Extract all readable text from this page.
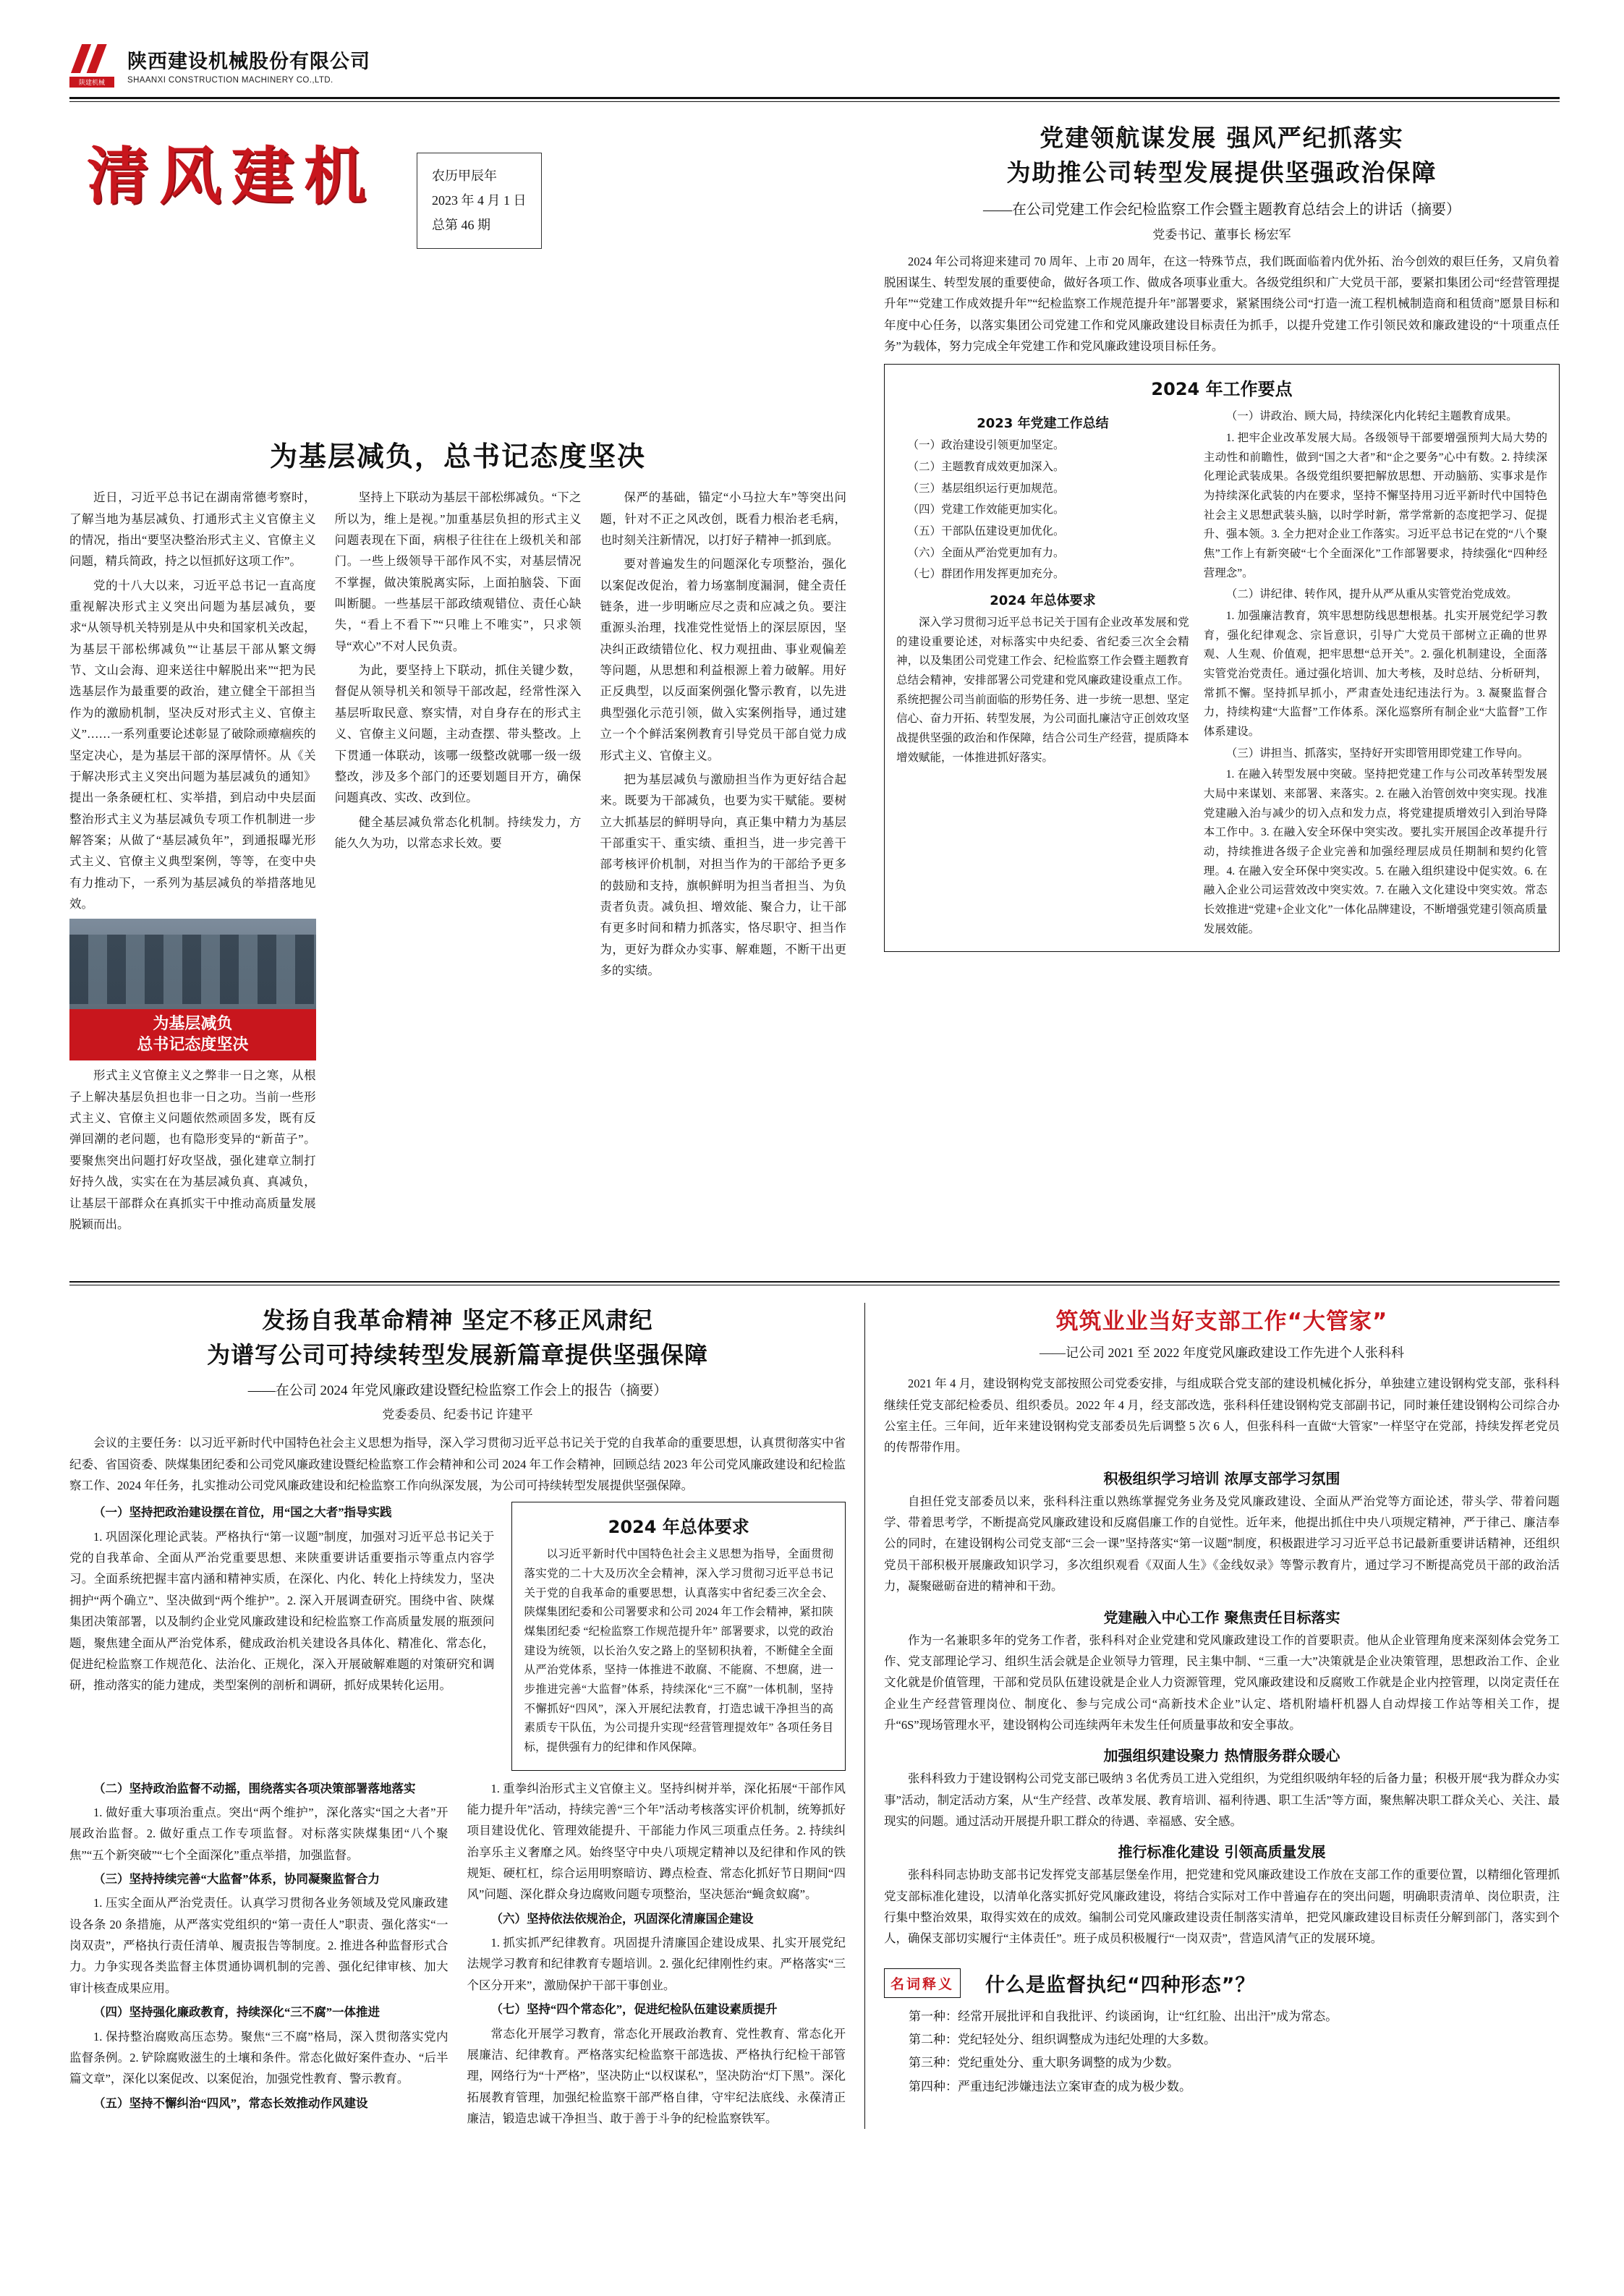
陕建机械
陕西建设机械股份有限公司
SHAANXI CONSTRUCTION MACHINERY CO.,LTD.
清风建机	农历甲辰年
2023 年 4 月 1 日
总第 46 期
党建领航谋发展 强风严纪抓落实
为助推公司转型发展提供坚强政治保障
——在公司党建工作会纪检监察工作会暨主题教育总结会上的讲话（摘要）
党委书记、董事长 杨宏军

2024 年公司将迎来建司 70 周年、上市 20 周年，在这一特殊节点，我们既面临着内优外拓、治今创效的艰巨任务，又肩负着脱困谋生、转型发展的重要使命，做好各项工作、做成各项事业重大。各级党组织和广大党员干部，要紧扣集团公司“经营管理提升年”“党建工作成效提升年”“纪检监察工作规范提升年”部署要求，紧紧围绕公司“打造一流工程机械制造商和租赁商”愿景目标和年度中心任务，以落实集团公司党建工作和党风廉政建设目标责任为抓手，以提升党建工作引领民效和廉政建设的“十项重点任务”为载体，努力完成全年党建工作和党风廉政建设项目标任务。

2024 年工作要点
2023 年党建工作总结

（一）政治建设引领更加坚定。

（二）主题教育成效更加深入。

（三）基层组织运行更加规范。

（四）党建工作效能更加实化。

（五）干部队伍建设更加优化。

（六）全面从严治党更加有力。

（七）群团作用发挥更加充分。

2024 年总体要求

深入学习贯彻习近平总书记关于国有企业改革发展和党的建设重要论述，对标落实中央纪委、省纪委三次全会精神，以及集团公司党建工作会、纪检监察工作会暨主题教育总结会精神，安排部署公司党建和党风廉政建设重点工作。系统把握公司当前面临的形势任务、进一步统一思想、坚定信心、奋力开拓、转型发展，为公司面扎廉洁守正创效攻坚战提供坚强的政治和作保障，结合公司生产经营，提质降本增效赋能，一体推进抓好落实。

（一）讲政治、顾大局，持续深化内化转纪主题教育成果。

1. 把牢企业改革发展大局。各级领导干部要增强预判大局大势的主动性和前瞻性，做到“国之大者”和“企之要务”心中有数。2. 持续深化理论武装成果。各级党组织要把解放思想、开动脑筋、实事求是作为持续深化武装的内在要求，坚持不懈坚持用习近平新时代中国特色社会主义思想武装头脑，以时学时新，常学常新的态度把学习、促提升、强本领。3. 全力把对企业工作落实。习近平总书记在党的“八个聚焦”工作上有新突破“七个全面深化”工作部署要求，持续强化“四种经营理念”。

（二）讲纪律、转作风，提升从严从重从实管党治党成效。

1. 加强廉洁教育，筑牢思想防线思想根基。扎实开展党纪学习教育，强化纪律观念、宗旨意识，引导广大党员干部树立正确的世界观、人生观、价值观，把牢思想“总开关”。2. 强化机制建设，全面落实管党治党责任。通过强化培训、加大考核，及时总结、分析研判，常抓不懈。坚持抓早抓小，严肃查处违纪违法行为。3. 凝聚监督合力，持续构建“大监督”工作体系。深化巡察所有制企业“大监督”工作体系建设。

（三）讲担当、抓落实，坚持好开实即管用即党建工作导向。

1. 在融入转型发展中突破。坚持把党建工作与公司改革转型发展大局中来谋划、来部署、来落实。2. 在融入治管创效中突实现。找准党建融入治与减少的切入点和发力点，将党建提质增效引入到治导降本工作中。3. 在融入安全环保中突实改。要扎实开展国企改革提升行动，持续推进各级子企业完善和加强经理层成员任期制和契约化管理。4. 在融入安全环保中突实改。5. 在融入组织建设中促实效。6. 在融入企业公司运营效改中突实效。7. 在融入文化建设中突实效。常态长效推进“党建+企业文化”一体化品牌建设，不断增强党建引领高质量发展效能。

为基层减负，总书记态度坚决

近日，习近平总书记在湖南常德考察时，了解当地为基层减负、打通形式主义官僚主义的情况，指出“要坚决整治形式主义、官僚主义问题，精兵简政，持之以恒抓好这项工作”。

党的十八大以来，习近平总书记一直高度重视解决形式主义突出问题为基层减负，要求“从领导机关特别是从中央和国家机关改起，为基层干部松绑减负”“让基层干部从繁文缛节、文山会海、迎来送往中解脱出来”“把为民选基层作为最重要的政治，建立健全干部担当作为的激励机制，坚决反对形式主义、官僚主义”……一系列重要论述彰显了破除顽瘴痼疾的坚定决心，是为基层干部的深厚情怀。从《关于解决形式主义突出问题为基层减负的通知》提出一条条硬杠杠、实举措，到启动中央层面整治形式主义为基层减负专项工作机制进一步解答案；从做了“基层减负年”，到通报曝光形式主义、官僚主义典型案例，等等，在变中央有力推动下，一系列为基层减负的举措落地见效。

为基层减负
总书记态度坚决

形式主义官僚主义之弊非一日之寒，从根子上解决基层负担也非一日之功。当前一些形式主义、官僚主义问题依然顽固多发，既有反弹回潮的老问题，也有隐形变异的“新苗子”。要聚焦突出问题打好攻坚战，强化建章立制打好持久战，实实在在为基层减负真、真减负，让基层干部群众在真抓实干中推动高质量发展脱颖而出。

坚持上下联动为基层干部松绑减负。“下之所以为，维上是视。”加重基层负担的形式主义问题表现在下面，病根子往往在上级机关和部门。一些上级领导干部作风不实，对基层情况不掌握，做决策脱离实际，上面拍脑袋、下面叫断腿。一些基层干部政绩观错位、责任心缺失，“看上不看下”“只唯上不唯实”，只求领导“欢心”不对人民负责。

为此，要坚持上下联动，抓住关键少数，督促从领导机关和领导干部改起，经常性深入基层听取民意、察实情，对自身存在的形式主义、官僚主义问题，主动查摆、带头整改。上下贯通一体联动，该哪一级整改就哪一级一级整改，涉及多个部门的还要划题目开方，确保问题真改、实改、改到位。

健全基层减负常态化机制。持续发力，方能久久为功，以常态求长效。要

保严的基础，锚定“小马拉大车”等突出问题，针对不正之风改创，既看力根治老毛病，也时刻关注新情况，以打好子精神一抓到底。

要对普遍发生的问题深化专项整治，强化以案促改促治，着力场塞制度漏洞，健全责任链条，进一步明晰应尽之责和应减之负。要注重源头治理，找准党性觉悟上的深层原因，坚决纠正政绩错位化、权力观扭曲、事业观偏差等问题，从思想和利益根源上着力破解。用好正反典型，以反面案例强化警示教育，以先进典型强化示范引领，做入实案例指导，通过建立一个个鲜活案例教育引导党员干部自觉力成形式主义、官僚主义。

把为基层减负与激励担当作为更好结合起来。既要为干部减负，也要为实干赋能。要树立大抓基层的鲜明导向，真正集中精力为基层干部重实干、重实绩、重担当，进一步完善干部考核评价机制，对担当作为的干部给予更多的鼓励和支持，旗帜鲜明为担当者担当、为负责者负责。减负担、增效能、聚合力，让干部有更多时间和精力抓落实，恪尽职守、担当作为，更好为群众办实事、解难题，不断干出更多的实绩。

发扬自我革命精神 坚定不移正风肃纪
为谱写公司可持续转型发展新篇章提供坚强保障
——在公司 2024 年党风廉政建设暨纪检监察工作会上的报告（摘要）
党委委员、纪委书记 许建平

会议的主要任务：以习近平新时代中国特色社会主义思想为指导，深入学习贯彻习近平总书记关于党的自我革命的重要思想，认真贯彻落实中省纪委、省国资委、陕煤集团纪委和公司党风廉政建设暨纪检监察工作会精神和公司 2024 年工作会精神，回顾总结 2023 年公司党风廉政建设和纪检监察工作、2024 年任务，扎实推动公司党风廉政建设和纪检监察工作向纵深发展，为公司可持续转型发展提供坚强保障。

（一）坚持把政治建设摆在首位，用“国之大者”指导实践

1. 巩固深化理论武装。严格执行“第一议题”制度，加强对习近平总书记关于党的自我革命、全面从严治党重要思想、来陕重要讲话重要指示等重点内容学习。全面系统把握丰富内涵和精神实质，在深化、内化、转化上持续发力，坚决拥护“两个确立”、坚决做到“两个维护”。2. 深入开展调查研究。围绕中省、陕煤集团决策部署，以及制约企业党风廉政建设和纪检监察工作高质量发展的瓶颈问题，聚焦建全面从严治党体系，健成政治机关建设各具体化、精准化、常态化，促进纪检监察工作规范化、法治化、正规化，深入开展破解难题的对策研究和调研，推动落实的能力建成，类型案例的剖析和调研，抓好成果转化运用。

2024 年总体要求

以习近平新时代中国特色社会主义思想为指导，全面贯彻落实党的二十大及历次全会精神，深入学习贯彻习近平总书记关于党的自我革命的重要思想，认真落实中省纪委三次全会、陕煤集团纪委和公司署要求和公司 2024 年工作会精神，紧扣陕煤集团纪委 “纪检监察工作规范提升年” 部署要求，以党的政治建设为统领，以长治久安之路上的坚韧积执着，不断健全全面从严治党体系，坚持一体推进不敢腐、不能腐、不想腐，进一步推进完善“大监督”体系，持续深化“三不腐”一体机制，坚持不懈抓好“四风”，深入开展纪法教育，打造忠诚干净担当的高素质专干队伍，为公司提升实现“经营管理提效年” 各项任务目标，提供强有力的纪律和作风保障。

（二）坚持政治监督不动摇，围绕落实各项决策部署落地落实

1. 做好重大事项治重点。突出“两个维护”，深化落实“国之大者”开展政治监督。2. 做好重点工作专项监督。对标落实陕煤集团“八个聚焦”“五个新突破”“七个全面深化”重点举措，加强监督。

（三）坚持持续完善“大监督”体系，协同凝聚监督合力

1. 压实全面从严治党责任。认真学习贯彻各业务领域及党风廉政建设各条 20 条措施，从严落实党组织的“第一责任人”职责、强化落实“一岗双责”，严格执行责任清单、履责报告等制度。2. 推进各种监督形式合力。力争实现各类监督主体贯通协调机制的完善、强化纪律审核、加大审计核查成果应用。

（四）坚持强化廉政教育，持续深化“三不腐”一体推进

1. 保持整治腐败高压态势。聚焦“三不腐”格局，深入贯彻落实党内监督条例。2. 铲除腐败滋生的土壤和条件。常态化做好案件查办、“后半篇文章”，深化以案促改、以案促治，加强党性教育、警示教育。

（五）坚持不懈纠治“四风”，常态长效推动作风建设

1. 重拳纠治形式主义官僚主义。坚持纠树并举，深化拓展“干部作风能力提升年”活动，持续完善“三个年”活动考核落实评价机制，统筹抓好项目建设优化、管理效能提升、干部能力作风三项重点任务。2. 持续纠治享乐主义奢靡之风。始终坚守中央八项规定精神以及纪律和作风的铁规矩、硬杠杠，综合运用明察暗访、蹲点检查、常态化抓好节日期间“四风”问题、深化群众身边腐败问题专项整治，坚决惩治“蝇贪蚁腐”。

（六）坚持依法依规治企，巩固深化清廉国企建设

1. 抓实抓严纪律教育。巩固提升清廉国企建设成果、扎实开展党纪法规学习教育和纪律教育专题培训。2. 强化纪律刚性约束。严格落实“三个区分开来”，激励保护干部干事创业。

（七）坚持“四个常态化”，促进纪检队伍建设素质提升

常态化开展学习教育，常态化开展政治教育、党性教育、常态化开展廉洁、纪律教育。严格落实纪检监察干部选拔、严格执行纪检干部管理，网络行为“十严格”，坚决防止“以权谋私”，坚决防治“灯下黑”。深化拓展教育管理，加强纪检监察干部严格自律，守牢纪法底线、永葆清正廉洁，锻造忠诚干净担当、敢于善于斗争的纪检监察铁军。

筑筑业业当好支部工作“大管家”
——记公司 2021 至 2022 年度党风廉政建设工作先进个人张科科

2021 年 4 月，建设钢构党支部按照公司党委安排，与组成联合党支部的建设机械化拆分，单独建立建设钢构党支部，张科科继续任党支部纪检委员、组织委员。2022 年 4 月，经支部改选，张科科任建设钢构党支部副书记，同时兼任建设钢构公司综合办公室主任。三年间，近年来建设钢构党支部委员先后调整 5 次 6 人，但张科科一直做“大管家”一样坚守在党部，持续发挥老党员的传帮带作用。

积极组织学习培训 浓厚支部学习氛围

自担任党支部委员以来，张科科注重以熟练掌握党务业务及党风廉政建设、全面从严治党等方面论述，带头学、带着问题学、带着思考学，不断提高党风廉政建设和反腐倡廉工作的自觉性。近年来，他提出抓住中央八项规定精神，严于律己、廉洁奉公的同时，在建设钢构公司党支部“三会一课”坚持落实“第一议题”制度，积极跟进学习习近平总书记最新重要讲话精神，还组织党员干部积极开展廉政知识学习，多次组织观看《双面人生》《金线奴录》等警示教育片，通过学习不断提高党员干部的政治活力，凝聚磁砺奋进的精神和干劲。

党建融入中心工作 聚焦责任目标落实

作为一名兼职多年的党务工作者，张科科对企业党建和党风廉政建设工作的首要职责。他从企业管理角度来深刻体会党务工作、党支部理论学习、组织生活会就是企业领导力管理，民主集中制、“三重一大”决策就是企业决策管理，思想政治工作、企业文化就是价值管理，干部和党员队伍建设就是企业人力资源管理，党风廉政建设和反腐败工作就是企业内控管理，以岗定责任在企业生产经营管理岗位、制度化、参与完成公司“高新技术企业”认定、塔机附墙杆机器人自动焊接工作站等相关工作，提升“6S”现场管理水平，建设钢构公司连续两年未发生任何质量事故和安全事故。

加强组织建设聚力 热情服务群众暖心

张科科致力于建设钢构公司党支部已吸纳 3 名优秀员工进入党组织，为党组织吸纳年轻的后备力量；积极开展“我为群众办实事”活动，制定活动方案，从“生产经营、改革发展、教育培训、福利待遇、职工生活”等方面，聚焦解决职工群众关心、关注、最现实的问题。通过活动开展提升职工群众的待遇、幸福感、安全感。

推行标准化建设 引领高质量发展

张科科同志协助支部书记发挥党支部基层堡垒作用，把党建和党风廉政建设工作放在支部工作的重要位置，以精细化管理抓党支部标准化建设，以清单化落实抓好党风廉政建设，将结合实际对工作中普遍存在的突出问题，明确职责清单、岗位职责，注行集中整治效果，取得实效在的成效。编制公司党风廉政建设责任制落实清单，把党风廉政建设目标责任分解到部门，落实到个人，确保支部切实履行“主体责任”。班子成员积极履行“一岗双责”，营造风清气正的发展环境。

名词释义	什么是监督执纪“四种形态”？
第一种：经常开展批评和自我批评、约谈函询，让“红红脸、出出汗”成为常态。
第二种：党纪轻处分、组织调整成为违纪处理的大多数。
第三种：党纪重处分、重大职务调整的成为少数。
第四种：严重违纪涉嫌违法立案审查的成为极少数。
